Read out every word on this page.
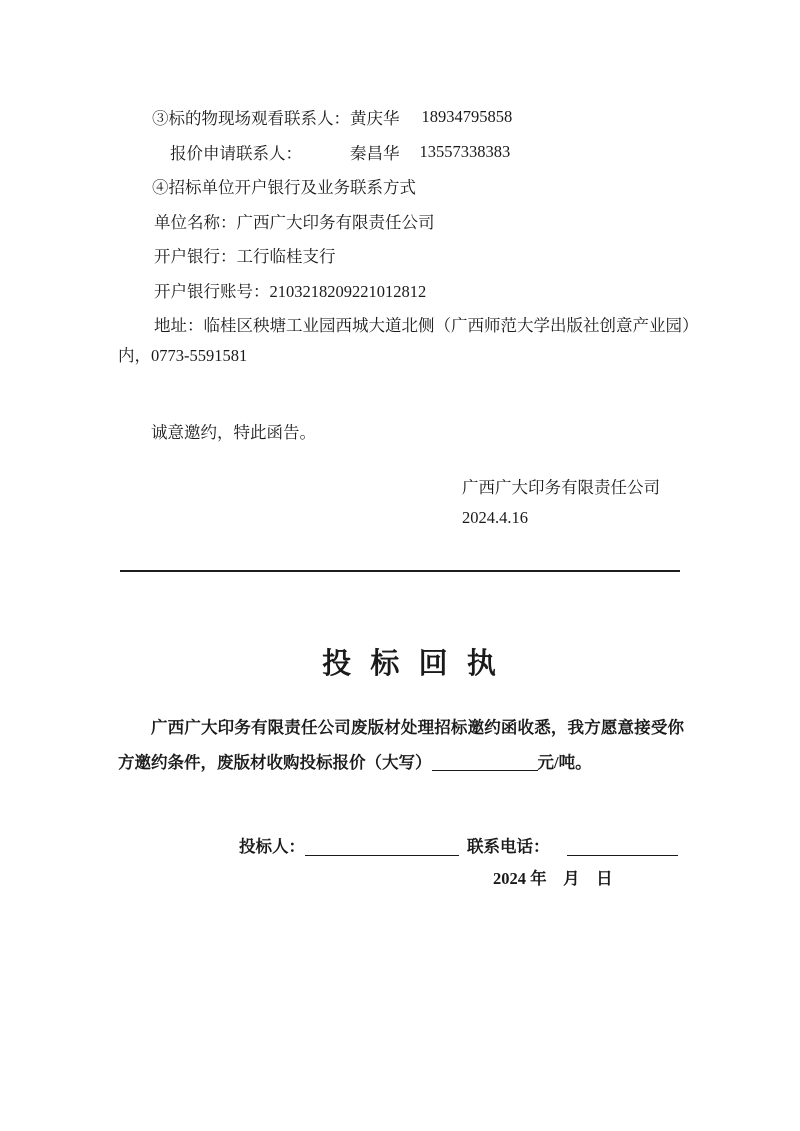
③标的物现场观看联系人： 黄庆华 18934795858
报价申请联系人：	秦昌华 13557338383
④招标单位开户银行及业务联系方式
单位名称：广西广大印务有限责任公司
开户银行：工行临桂支行
开户银行账号：2103218209221012812
地址：临桂区秧塘工业园西城大道北侧（广西师范大学出版社创意产业园）
内，0773-5591581
诚意邀约，特此函告。
广西广大印务有限责任公司
2024.4.16
投 标 回 执
广西广大印务有限责任公司废版材处理招标邀约函收悉，我方愿意接受你方邀约条件，废版材收购投标报价（大写）	元/吨。
投标人：	联系电话：
2024 年　月　日
